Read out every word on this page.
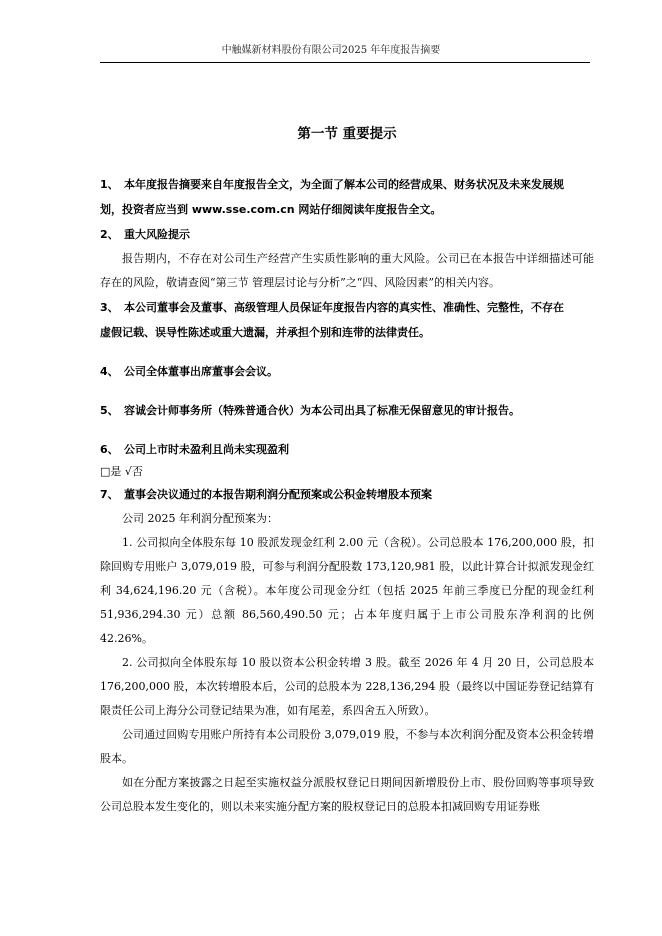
中触媒新材料股份有限公司2025 年年度报告摘要
第一节 重要提示
1、 本年度报告摘要来自年度报告全文，为全面了解本公司的经营成果、财务状况及未来发展规
划，投资者应当到 www.sse.com.cn 网站仔细阅读年度报告全文。
2、 重大风险提示
报告期内，不存在对公司生产经营产生实质性影响的重大风险。公司已在本报告中详细描述可能存在的风险，敬请查阅“第三节 管理层讨论与分析”之“四、风险因素”的相关内容。
3、 本公司董事会及董事、高级管理人员保证年度报告内容的真实性、准确性、完整性，不存在
虚假记载、误导性陈述或重大遗漏，并承担个别和连带的法律责任。
4、 公司全体董事出席董事会会议。
5、 容诚会计师事务所（特殊普通合伙）为本公司出具了标准无保留意见的审计报告。
6、 公司上市时未盈利且尚未实现盈利
□是 √否
7、 董事会决议通过的本报告期利润分配预案或公积金转增股本预案
公司 2025 年利润分配预案为：
1. 公司拟向全体股东每 10 股派发现金红利 2.00 元（含税）。公司总股本 176,200,000 股，扣除回购专用账户 3,079,019 股，可参与利润分配股数 173,120,981 股，以此计算合计拟派发现金红利 34,624,196.20 元（含税）。本年度公司现金分红（包括 2025 年前三季度已分配的现金红利 51,936,294.30 元）总额 86,560,490.50 元；占本年度归属于上市公司股东净利润的比例 42.26%。
2. 公司拟向全体股东每 10 股以资本公积金转增 3 股。截至 2026 年 4 月 20 日，公司总股本 176,200,000 股，本次转增股本后，公司的总股本为 228,136,294 股（最终以中国证券登记结算有限责任公司上海分公司登记结果为准，如有尾差，系四舍五入所致）。
公司通过回购专用账户所持有本公司股份 3,079,019 股，不参与本次利润分配及资本公积金转增股本。
如在分配方案披露之日起至实施权益分派股权登记日期间因新增股份上市、股份回购等事项导致公司总股本发生变化的，则以未来实施分配方案的股权登记日的总股本扣减回购专用证券账
